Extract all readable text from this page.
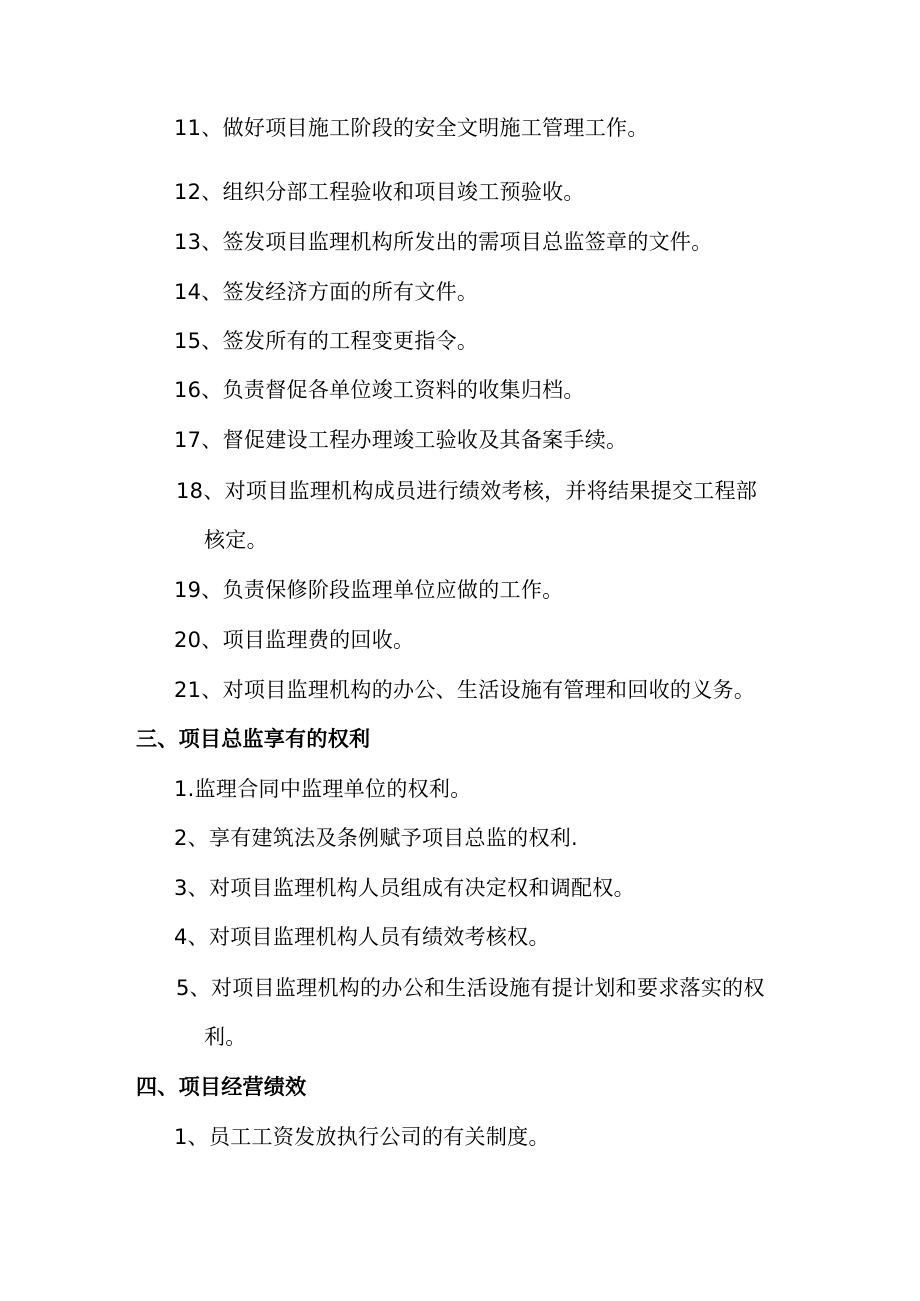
11、做好项目施工阶段的安全文明施工管理工作。
12、组织分部工程验收和项目竣工预验收。
13、签发项目监理机构所发出的需项目总监签章的文件。
14、签发经济方面的所有文件。
15、签发所有的工程变更指令。
16、负责督促各单位竣工资料的收集归档。
17、督促建设工程办理竣工验收及其备案手续。
18、对项目监理机构成员进行绩效考核，并将结果提交工程部
核定。
19、负责保修阶段监理单位应做的工作。
20、项目监理费的回收。
21、对项目监理机构的办公、生活设施有管理和回收的义务。
三、项目总监享有的权利
1.监理合同中监理单位的权利。
2、享有建筑法及条例赋予项目总监的权利.
3、对项目监理机构人员组成有决定权和调配权。
4、对项目监理机构人员有绩效考核权。
5、对项目监理机构的办公和生活设施有提计划和要求落实的权
利。
四、项目经营绩效
1、员工工资发放执行公司的有关制度。
